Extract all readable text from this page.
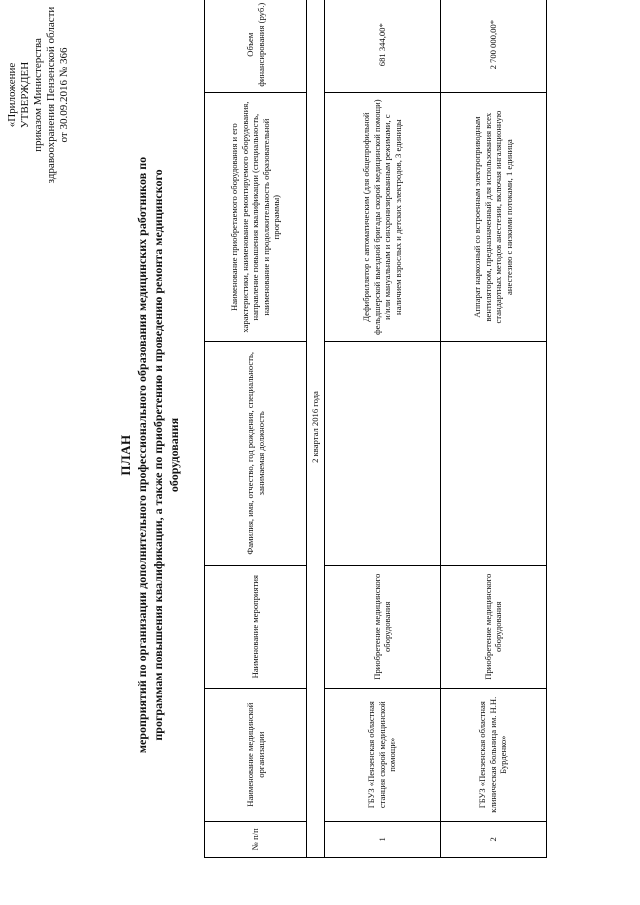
«Приложение УТВЕРЖДЕН приказом Министерства здравоохранения Пензенской области от 30.09.2016 № 366
ПЛАН мероприятий по организации дополнительного профессионального образования медицинских работников по программам повышения квалификации, а также по приобретению и проведению ремонта медицинского оборудования
№ п/п	Наименование медицинской организации	Наименование мероприятия	Фамилия, имя, отчество, год рождения, специальность, занимаемая должность	Наименование приобретаемого оборудования и его характеристики, наименование ремонтируемого оборудования, направление повышения квалификации (специальность, наименование и продолжительность образовательной программы)	Объем финансирования (руб.)
2 квартал 2016 года					
1	ГБУЗ «Пензенская областная станция скорой медицинской помощи»	Приобретение медицинского оборудования		Дефибриллятор с автоматическим (для общепрофильной фельдшерской выездной бригады скорой медицинской помощи) и/или мануальным и синхронизированным режимами, с наличием взрослых и детских электродов, 3 единицы	681 344,00*
2	ГБУЗ «Пензенская областная клиническая больница им. Н.Н. Бурденко»	Приобретение медицинского оборудования		Аппарат наркозный со встроенным электроприводным вентилятором, предназначенный для использования всех стандартных методов анестезии, включая ингаляционную анестезию с низкими потоками, 1 единица	2 700 000,00*
